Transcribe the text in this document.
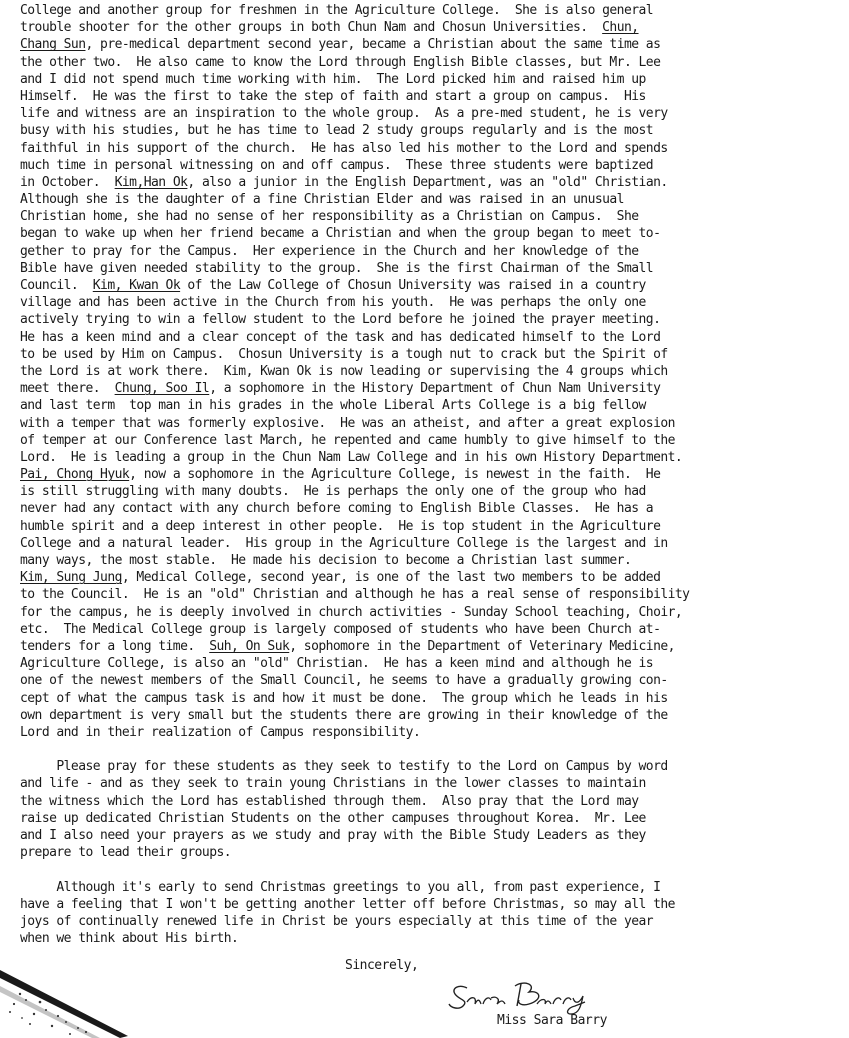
College and another group for freshmen in the Agriculture College.  She is also general
trouble shooter for the other groups in both Chun Nam and Chosun Universities.  Chun,
Chang Sun, pre-medical department second year, became a Christian about the same time as
the other two.  He also came to know the Lord through English Bible classes, but Mr. Lee
and I did not spend much time working with him.  The Lord picked him and raised him up
Himself.  He was the first to take the step of faith and start a group on campus.  His
life and witness are an inspiration to the whole group.  As a pre-med student, he is very
busy with his studies, but he has time to lead 2 study groups regularly and is the most
faithful in his support of the church.  He has also led his mother to the Lord and spends
much time in personal witnessing on and off campus.  These three students were baptized
in October.  Kim,Han Ok, also a junior in the English Department, was an "old" Christian.
Although she is the daughter of a fine Christian Elder and was raised in an unusual
Christian home, she had no sense of her responsibility as a Christian on Campus.  She
began to wake up when her friend became a Christian and when the group began to meet to-
gether to pray for the Campus.  Her experience in the Church and her knowledge of the
Bible have given needed stability to the group.  She is the first Chairman of the Small
Council.  Kim, Kwan Ok of the Law College of Chosun University was raised in a country
village and has been active in the Church from his youth.  He was perhaps the only one
actively trying to win a fellow student to the Lord before he joined the prayer meeting.
He has a keen mind and a clear concept of the task and has dedicated himself to the Lord
to be used by Him on Campus.  Chosun University is a tough nut to crack but the Spirit of
the Lord is at work there.  Kim, Kwan Ok is now leading or supervising the 4 groups which
meet there.  Chung, Soo Il, a sophomore in the History Department of Chun Nam University
and last term  top man in his grades in the whole Liberal Arts College is a big fellow
with a temper that was formerly explosive.  He was an atheist, and after a great explosion
of temper at our Conference last March, he repented and came humbly to give himself to the
Lord.  He is leading a group in the Chun Nam Law College and in his own History Department.
Pai, Chong Hyuk, now a sophomore in the Agriculture College, is newest in the faith.  He
is still struggling with many doubts.  He is perhaps the only one of the group who had
never had any contact with any church before coming to English Bible Classes.  He has a
humble spirit and a deep interest in other people.  He is top student in the Agriculture
College and a natural leader.  His group in the Agriculture College is the largest and in
many ways, the most stable.  He made his decision to become a Christian last summer.
Kim, Sung Jung, Medical College, second year, is one of the last two members to be added
to the Council.  He is an "old" Christian and although he has a real sense of responsibility
for the campus, he is deeply involved in church activities - Sunday School teaching, Choir,
etc.  The Medical College group is largely composed of students who have been Church at-
tenders for a long time.  Suh, On Suk, sophomore in the Department of Veterinary Medicine,
Agriculture College, is also an "old" Christian.  He has a keen mind and although he is
one of the newest members of the Small Council, he seems to have a gradually growing con-
cept of what the campus task is and how it must be done.  The group which he leads in his
own department is very small but the students there are growing in their knowledge of the
Lord and in their realization of Campus responsibility.
Please pray for these students as they seek to testify to the Lord on Campus by word
and life - and as they seek to train young Christians in the lower classes to maintain
the witness which the Lord has established through them.  Also pray that the Lord may
raise up dedicated Christian Students on the other campuses throughout Korea.  Mr. Lee
and I also need your prayers as we study and pray with the Bible Study Leaders as they
prepare to lead their groups.
Although it's early to send Christmas greetings to you all, from past experience, I
have a feeling that I won't be getting another letter off before Christmas, so may all the
joys of continually renewed life in Christ be yours especially at this time of the year
when we think about His birth.
Sincerely,
Miss Sara Barry
